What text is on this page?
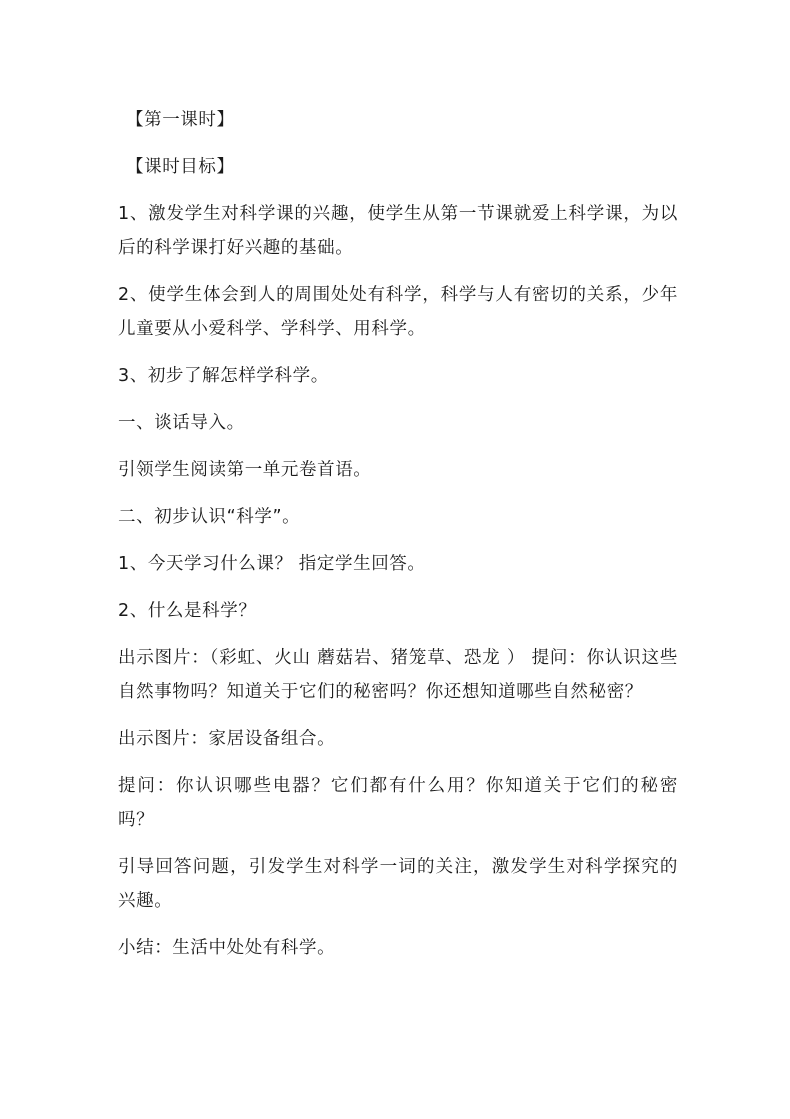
【第一课时】

【课时目标】

1、激发学生对科学课的兴趣，使学生从第一节课就爱上科学课，为以后的科学课打好兴趣的基础。

2、使学生体会到人的周围处处有科学，科学与人有密切的关系，少年儿童要从小爱科学、学科学、用科学。

3、初步了解怎样学科学。

一、谈话导入。

引领学生阅读第一单元卷首语。

二、初步认识“科学”。

1、今天学习什么课？ 指定学生回答。

2、什么是科学？

出示图片：（彩虹、火山 蘑菇岩、猪笼草、恐龙 ） 提问：你认识这些自然事物吗？知道关于它们的秘密吗？你还想知道哪些自然秘密？

出示图片：家居设备组合。

提问：你认识哪些电器？它们都有什么用？你知道关于它们的秘密吗？

引导回答问题，引发学生对科学一词的关注，激发学生对科学探究的兴趣。

小结：生活中处处有科学。
